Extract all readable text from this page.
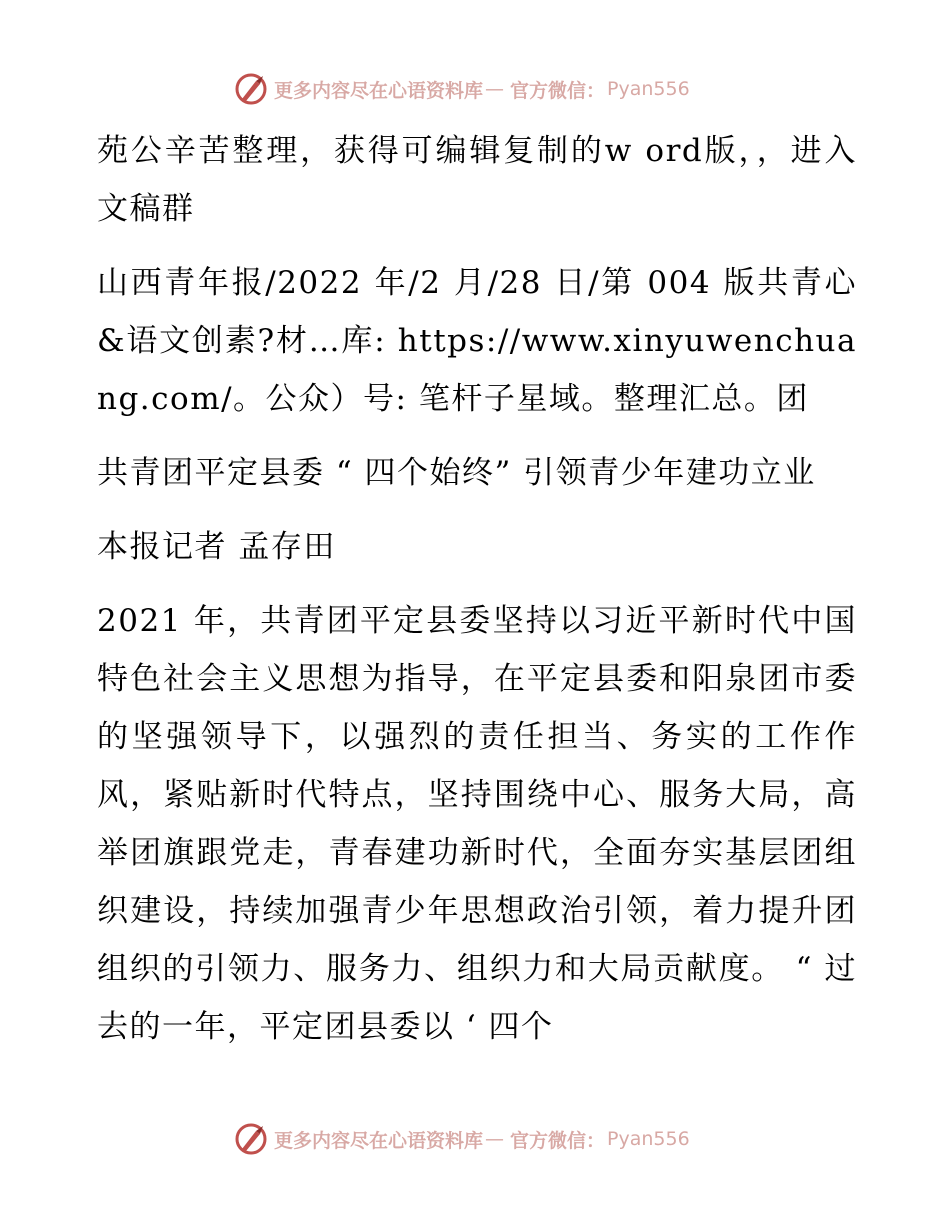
更多内容尽在心语资料库 — 官方微信： Pyan556

苑公辛苦整理，获得可编辑复制的w ord版，，进入文稿群

山西青年报/2022 年/2 月/28 日/第 004 版共青心&语文创素?材…库: https://www.xinyuwenchuang.com/。公众）号: 笔杆子星域。整理汇总。团

共青团平定县委 “ 四个始终” 引领青少年建功立业

本报记者 孟存田

2021 年，共青团平定县委坚持以习近平新时代中国特色社会主义思想为指导，在平定县委和阳泉团市委的坚强领导下，以强烈的责任担当、务实的工作作风，紧贴新时代特点，坚持围绕中心、服务大局，高举团旗跟党走，青春建功新时代，全面夯实基层团组织建设，持续加强青少年思想政治引领，着力提升团组织的引领力、服务力、组织力和大局贡献度。 “ 过去的一年，平定团县委以 ‘ 四个

更多内容尽在心语资料库 — 官方微信： Pyan556
